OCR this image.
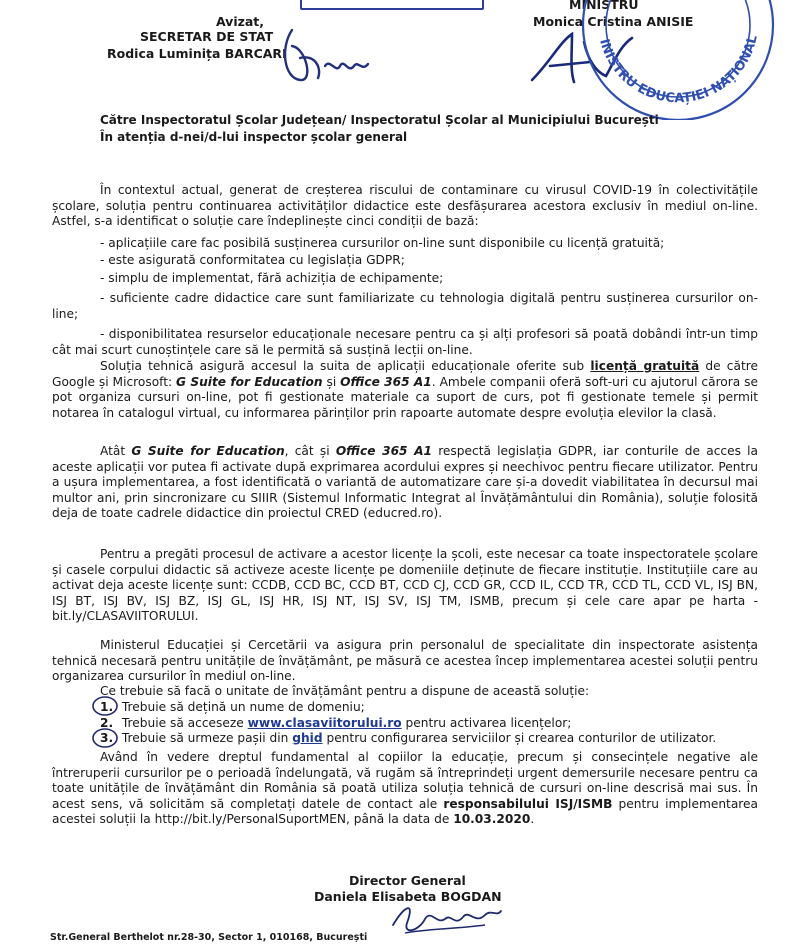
Avizat,
SECRETAR DE STAT
Rodica Luminița BARCARI
MINISTRU
Monica Cristina ANISIE
INISTRU EDUCAȚIEI NAȚIONAL
Către Inspectoratul Școlar Județean/ Inspectoratul Școlar al Municipiului București
În atenția d-nei/d-lui inspector școlar general

În contextul actual, generat de creșterea riscului de contaminare cu virusul COVID-19 în colectivitățile școlare, soluția pentru continuarea activităților didactice este desfășurarea acestora exclusiv în mediul on-line. Astfel, s-a identificat o soluție care îndeplinește cinci condiții de bază:

- aplicațiile care fac posibilă susținerea cursurilor on-line sunt disponibile cu licență gratuită;

- este asigurată conformitatea cu legislația GDPR;

- simplu de implementat, fără achiziția de echipamente;

- suficiente cadre didactice care sunt familiarizate cu tehnologia digitală pentru susținerea cursurilor on-line;

- disponibilitatea resurselor educaționale necesare pentru ca și alți profesori să poată dobândi într-un timp cât mai scurt cunoștințele care să le permită să susțină lecții on-line.

Soluția tehnică asigură accesul la suita de aplicații educaționale oferite sub licență gratuită de către Google și Microsoft: G Suite for Education și Office 365 A1. Ambele companii oferă soft-uri cu ajutorul cărora se pot organiza cursuri on-line, pot fi gestionate materiale ca suport de curs, pot fi gestionate temele și permit notarea în catalogul virtual, cu informarea părinților prin rapoarte automate despre evoluția elevilor la clasă.

Atât G Suite for Education, cât și Office 365 A1 respectă legislația GDPR, iar conturile de acces la aceste aplicații vor putea fi activate după exprimarea acordului expres și neechivoc pentru fiecare utilizator. Pentru a ușura implementarea, a fost identificată o variantă de automatizare care și-a dovedit viabilitatea în decursul mai multor ani, prin sincronizare cu SIIIR (Sistemul Informatic Integrat al Învățământului din România), soluție folosită deja de toate cadrele didactice din proiectul CRED (educred.ro).

Pentru a pregăti procesul de activare a acestor licențe la școli, este necesar ca toate inspectoratele școlare și casele corpului didactic să activeze aceste licențe pe domeniile deținute de fiecare instituție. Instituțiile care au activat deja aceste licențe sunt: CCDB, CCD BC, CCD BT, CCD CJ, CCD GR, CCD IL, CCD TR, CCD TL, CCD VL, ISJ BN, ISJ BT, ISJ BV, ISJ BZ, ISJ GL, ISJ HR, ISJ NT, ISJ SV, ISJ TM, ISMB, precum și cele care apar pe harta - bit.ly/CLASAVIITORULUI.

Ministerul Educației și Cercetării va asigura prin personalul de specialitate din inspectorate asistența tehnică necesară pentru unitățile de învățământ, pe măsură ce acestea încep implementarea acestei soluții pentru organizarea cursurilor în mediul on-line.

Ce trebuie să facă o unitate de învățământ pentru a dispune de această soluție:

1. Trebuie să dețină un nume de domeniu;
2. Trebuie să acceseze www.clasaviitorului.ro pentru activarea licențelor;
3. Trebuie să urmeze pașii din ghid pentru configurarea serviciilor și crearea conturilor de utilizator.

Având în vedere dreptul fundamental al copiilor la educație, precum și consecințele negative ale întreruperii cursurilor pe o perioadă îndelungată, vă rugăm să întreprindeți urgent demersurile necesare pentru ca toate unitățile de învățământ din România să poată utiliza soluția tehnică de cursuri on-line descrisă mai sus. În acest sens, vă solicităm să completați datele de contact ale responsabilului ISJ/ISMB pentru implementarea acestei soluții la http://bit.ly/PersonalSuportMEN, până la data de 10.03.2020.

Director General
Daniela Elisabeta BOGDAN
Str.General Berthelot nr.28-30, Sector 1, 010168, București
